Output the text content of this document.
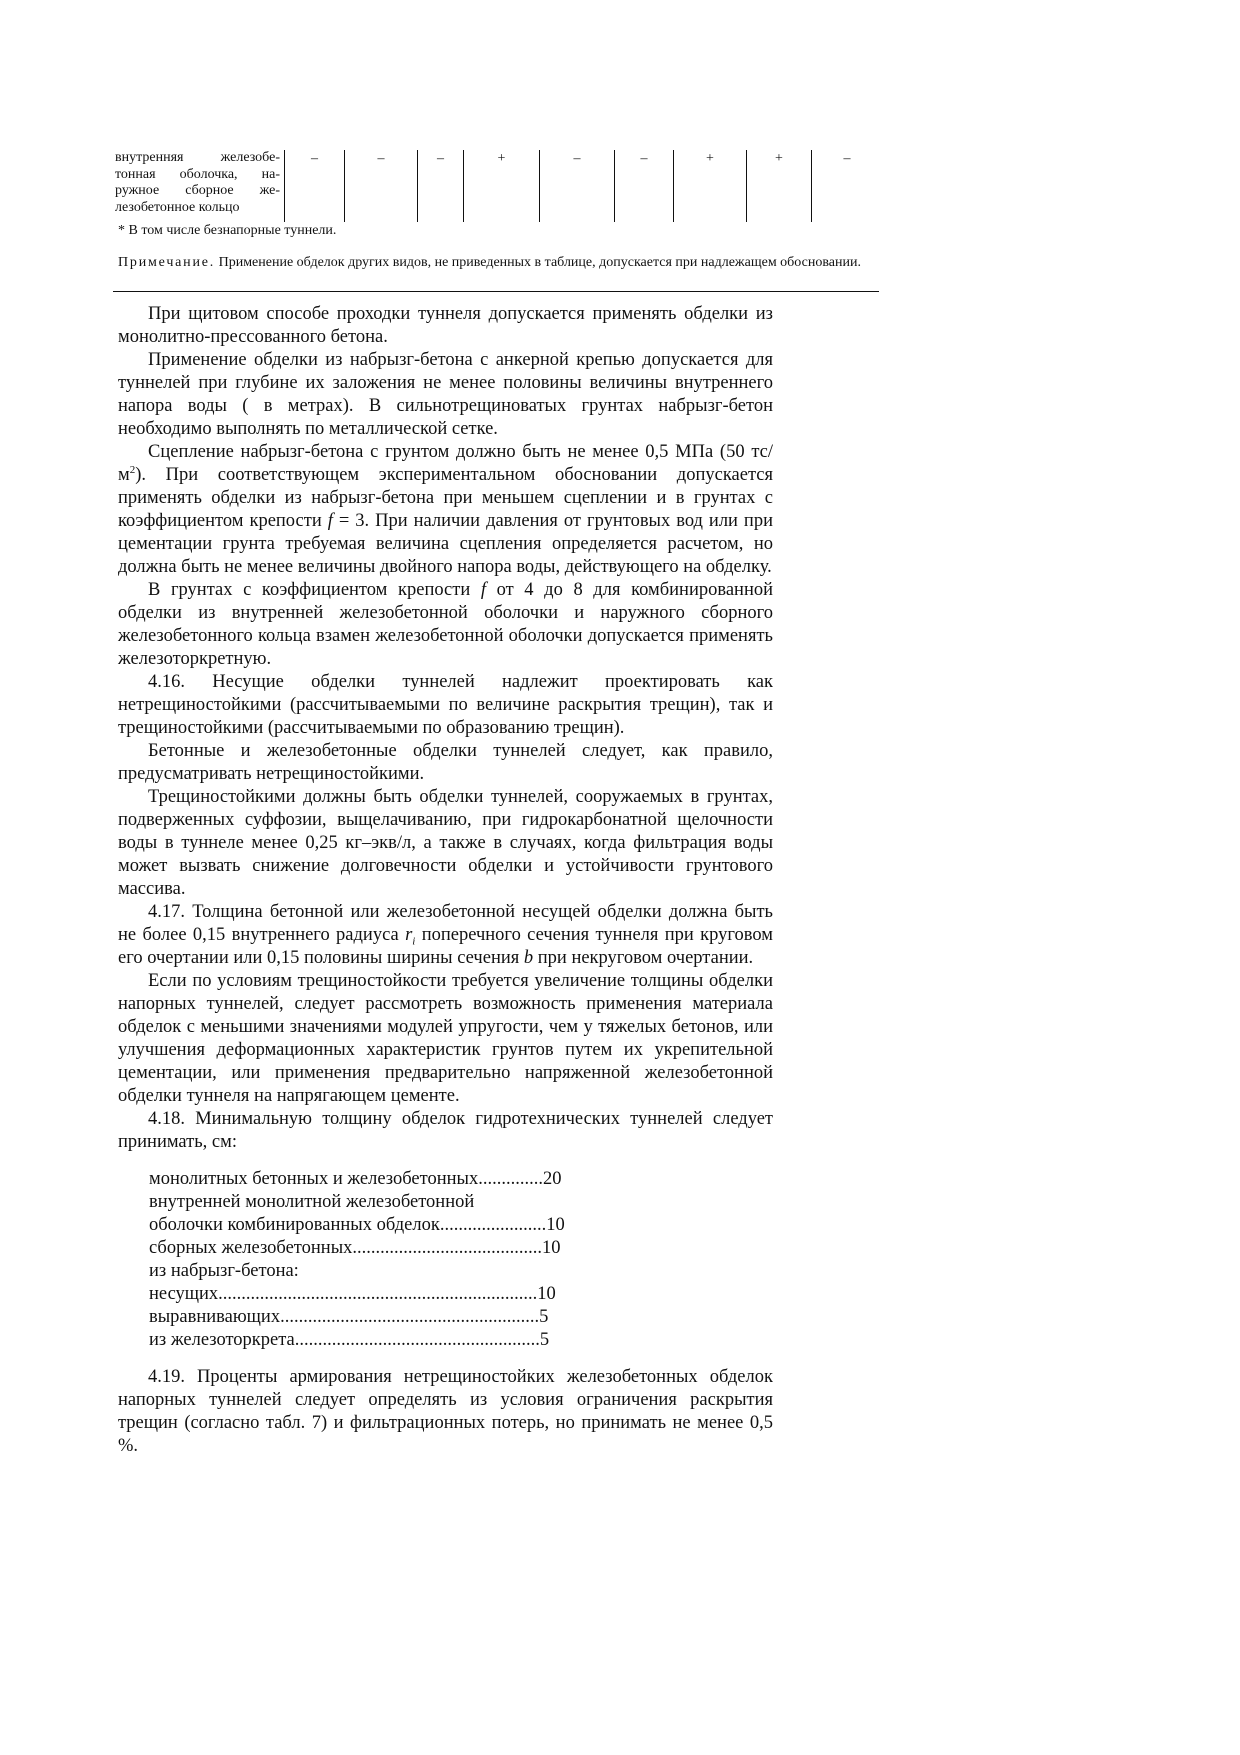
внутренняя железобе-
тонная оболочка, на-
ружное сборное же-
лезобетонное кольцо
–	–	–	+	–	–	+	+	–
* В том числе безнапорные туннели.
Примечание. Применение обделок других видов, не приведенных в таблице, допускается при надлежащем обосновании.

При щитовом способе проходки туннеля допускается применять обделки из монолитно-прессованного бетона.

Применение обделки из набрызг-бетона с анкерной крепью допускается для туннелей при глубине их заложения не менее половины величины внутреннего напора воды ( в метрах). В сильнотрещиноватых грунтах набрызг-бетон необходимо выполнять по металлической сетке.

Сцепление набрызг-бетона с грунтом должно быть не менее 0,5 МПа (50 $тс/м^2$). При соответствующем экспериментальном обосновании допускается применять обделки из набрызг-бетона при меньшем сцеплении и в грунтах с коэффициентом крепости f = 3. При наличии давления от грунтовых вод или при цементации грунта требуемая величина сцепления определяется расчетом, но должна быть не менее величины двойного напора воды, действующего на обделку.

В грунтах с коэффициентом крепости f от 4 до 8 для комбинированной обделки из внутренней железобетонной оболочки и наружного сборного железобетонного кольца взамен железобетонной оболочки допускается применять железоторкретную.

4.16. Несущие обделки туннелей надлежит проектировать как нетрещиностойкими (рассчитываемыми по величине раскрытия трещин), так и трещиностойкими (рассчитываемыми по образованию трещин).

Бетонные и железобетонные обделки туннелей следует, как правило, предусматривать нетрещиностойкими.

Трещиностойкими должны быть обделки туннелей, сооружаемых в грунтах, подверженных суффозии, выщелачиванию, при гидрокарбонатной щелочности воды в туннеле менее 0,25 кг–экв/л, а также в случаях, когда фильтрация воды может вызвать снижение долговечности обделки и устойчивости грунтового массива.

4.17. Толщина бетонной или железобетонной несущей обделки должна быть не более 0,15 внутреннего радиуса $r_i$ поперечного сечения туннеля при круговом его очертании или 0,15 половины ширины сечения b при некруговом очертании.

Если по условиям трещиностойкости требуется увеличение толщины обделки напорных туннелей, следует рассмотреть возможность применения материала обделок с меньшими значениями модулей упругости, чем у тяжелых бетонов, или улучшения деформационных характеристик грунтов путем их укрепительной цементации, или применения предварительно напряженной железобетонной обделки туннеля на напрягающем цементе.

4.18. Минимальную толщину обделок гидротехнических туннелей следует принимать, см:

монолитных бетонных и железобетонных..............20
внутренней монолитной железобетонной
оболочки комбинированных обделок.......................10
сборных железобетонных.........................................10
из набрызг-бетона:
несущих.....................................................................10
выравнивающих........................................................5
из железоторкрета.....................................................5

4.19. Проценты армирования нетрещиностойких железобетонных обделок напорных туннелей следует определять из условия ограничения раскрытия трещин (согласно табл. 7) и фильтрационных потерь, но принимать не менее 0,5 %.
